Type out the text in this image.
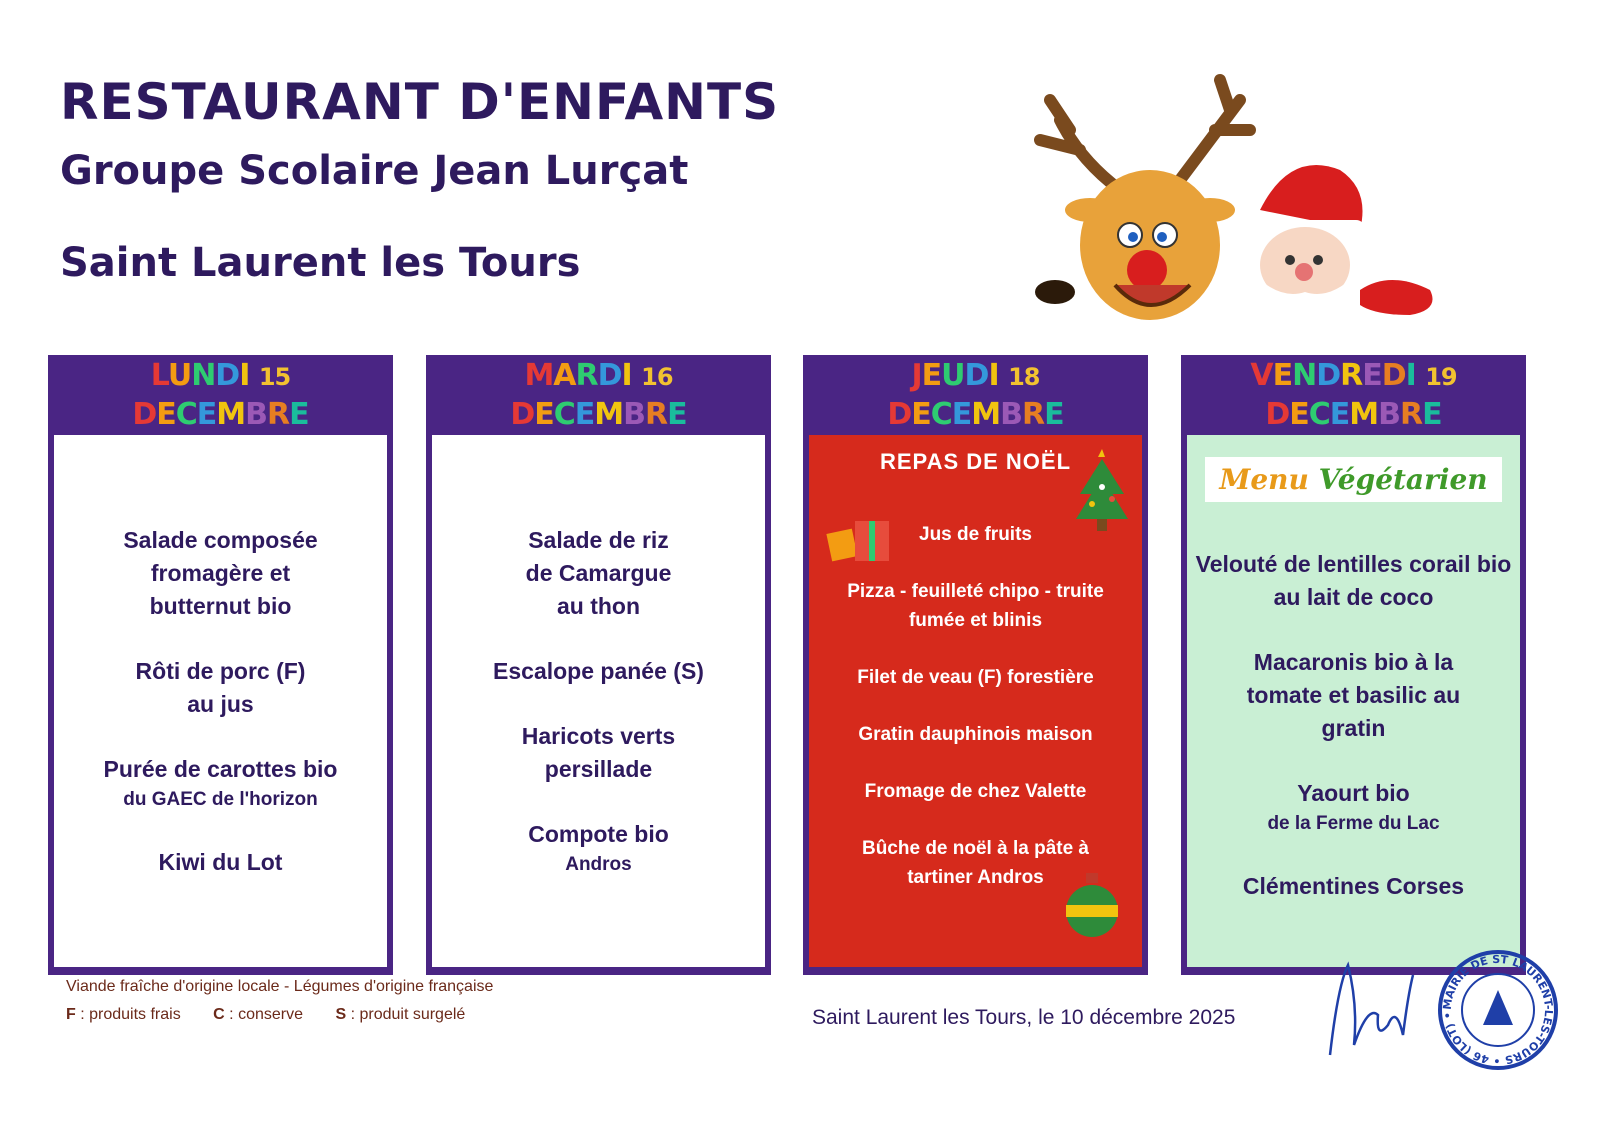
RESTAURANT D'ENFANTS

Groupe Scolaire Jean Lurçat

Saint Laurent les Tours

LUNDI 15
DECEMBRE
Salade composée fromagère et butternut bio
Rôti de porc (F) au jus
Purée de carottes bio
du GAEC de l'horizon
Kiwi du Lot
MARDI 16
DECEMBRE
Salade de riz de Camargue au thon
Escalope panée (S)
Haricots verts persillade
Compote bio
Andros
JEUDI 18
DECEMBRE
REPAS DE NOËL
Jus de fruits
Pizza - feuilleté chipo - truite fumée et blinis
Filet de veau (F) forestière
Gratin dauphinois maison
Fromage de chez Valette
Bûche de noël à la pâte à tartiner Andros
VENDREDI 19
DECEMBRE
Menu Végétarien
Velouté de lentilles corail bio au lait de coco
Macaronis bio à la tomate et basilic au gratin
Yaourt bio
de la Ferme du Lac
Clémentines Corses
Viande fraîche d'origine locale - Légumes d'origine française
F : produits frais C : conserve S : produit surgelé	Saint Laurent les Tours, le 10 décembre 2025
MAIRIE DE ST LAURENT-LES-TOURS • 46 (LOT) •
